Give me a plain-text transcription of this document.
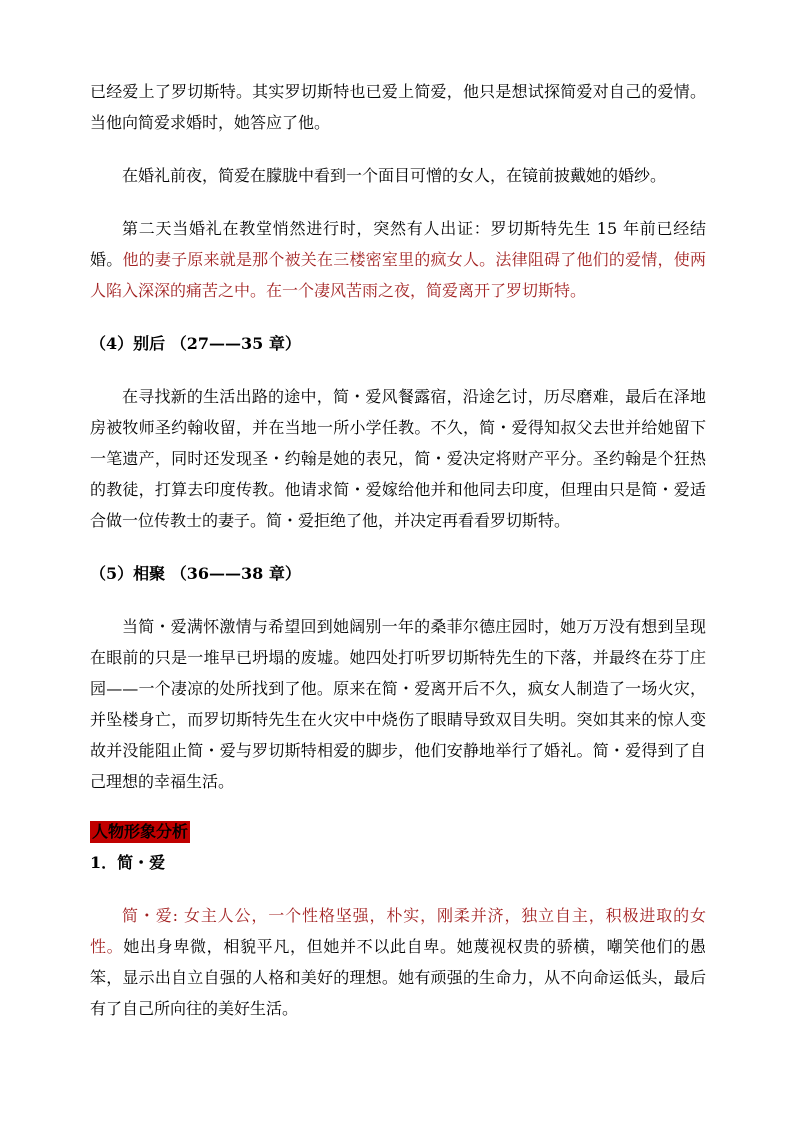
已经爱上了罗切斯特。其实罗切斯特也已爱上简爱，他只是想试探简爱对自己的爱情。当他向简爱求婚时，她答应了他。

在婚礼前夜，简爱在朦胧中看到一个面目可憎的女人，在镜前披戴她的婚纱。

第二天当婚礼在教堂悄然进行时，突然有人出证：罗切斯特先生 15 年前已经结婚。他的妻子原来就是那个被关在三楼密室里的疯女人。法律阻碍了他们的爱情，使两人陷入深深的痛苦之中。在一个凄风苦雨之夜，简爱离开了罗切斯特。

（4）别后 （27——35 章）

在寻找新的生活出路的途中，简・爱风餐露宿，沿途乞讨，历尽磨难，最后在泽地房被牧师圣约翰收留，并在当地一所小学任教。不久，简・爱得知叔父去世并给她留下一笔遗产，同时还发现圣・约翰是她的表兄，简・爱决定将财产平分。圣约翰是个狂热的教徒，打算去印度传教。他请求简・爱嫁给他并和他同去印度，但理由只是简・爱适合做一位传教士的妻子。简・爱拒绝了他，并决定再看看罗切斯特。

（5）相聚 （36——38 章）

当简・爱满怀激情与希望回到她阔别一年的桑菲尔德庄园时，她万万没有想到呈现在眼前的只是一堆早已坍塌的废墟。她四处打听罗切斯特先生的下落，并最终在芬丁庄园——一个凄凉的处所找到了他。原来在简・爱离开后不久，疯女人制造了一场火灾，并坠楼身亡，而罗切斯特先生在火灾中中烧伤了眼睛导致双目失明。突如其来的惊人变故并没能阻止简・爱与罗切斯特相爱的脚步，他们安静地举行了婚礼。简・爱得到了自己理想的幸福生活。

人物形象分析

1．简・爱

简・爱: 女主人公，一个性格坚强，朴实，刚柔并济，独立自主，积极进取的女性。她出身卑微，相貌平凡，但她并不以此自卑。她蔑视权贵的骄横，嘲笑他们的愚笨，显示出自立自强的人格和美好的理想。她有顽强的生命力，从不向命运低头，最后有了自己所向往的美好生活。
